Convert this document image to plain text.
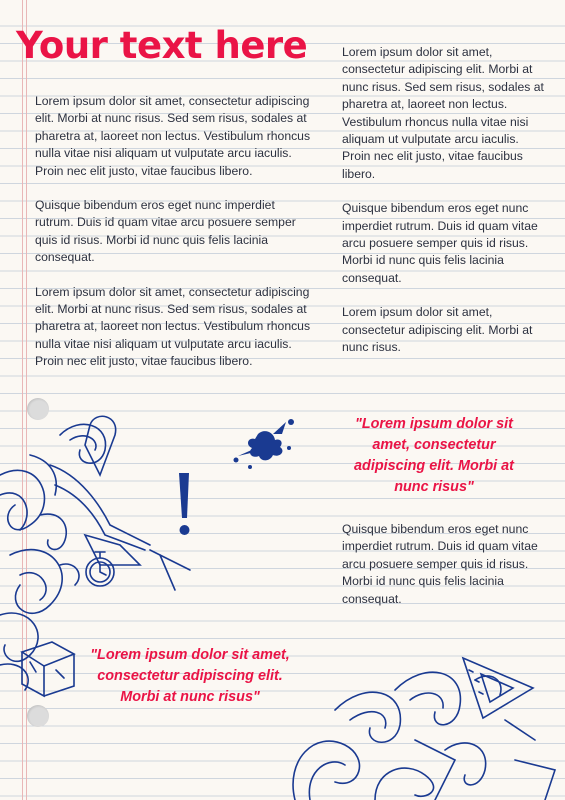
Your text here

Lorem ipsum dolor sit amet, consectetur adipiscing elit. Morbi at nunc risus. Sed sem risus, sodales at pharetra at, laoreet non lectus. Vestibulum rhoncus nulla vitae nisi aliquam ut vulputate arcu iaculis. Proin nec elit justo, vitae faucibus libero.

Quisque bibendum eros eget nunc imperdiet rutrum. Duis id quam vitae arcu posuere semper quis id risus. Morbi id nunc quis felis lacinia consequat.

Lorem ipsum dolor sit amet, consectetur adipiscing elit. Morbi at nunc risus. Sed sem risus, sodales at pharetra at, laoreet non lectus. Vestibulum rhoncus nulla vitae nisi aliquam ut vulputate arcu iaculis. Proin nec elit justo, vitae faucibus libero.

Lorem ipsum dolor sit amet, consectetur adipiscing elit. Morbi at nunc risus. Sed sem risus, sodales at pharetra at, laoreet non lectus. Vestibulum rhoncus nulla vitae nisi aliquam ut vulputate arcu iaculis. Proin nec elit justo, vitae faucibus libero.

Quisque bibendum eros eget nunc imperdiet rutrum. Duis id quam vitae arcu posuere semper quis id risus. Morbi id nunc quis felis lacinia consequat.

Lorem ipsum dolor sit amet, consectetur adipiscing elit. Morbi at nunc risus.

"Lorem ipsum dolor sit amet, consectetur adipiscing elit. Morbi at nunc risus"

Quisque bibendum eros eget nunc imperdiet rutrum. Duis id quam vitae arcu posuere semper quis id risus. Morbi id nunc quis felis lacinia consequat.

"Lorem ipsum dolor sit amet, consectetur adipiscing elit. Morbi at nunc risus"
